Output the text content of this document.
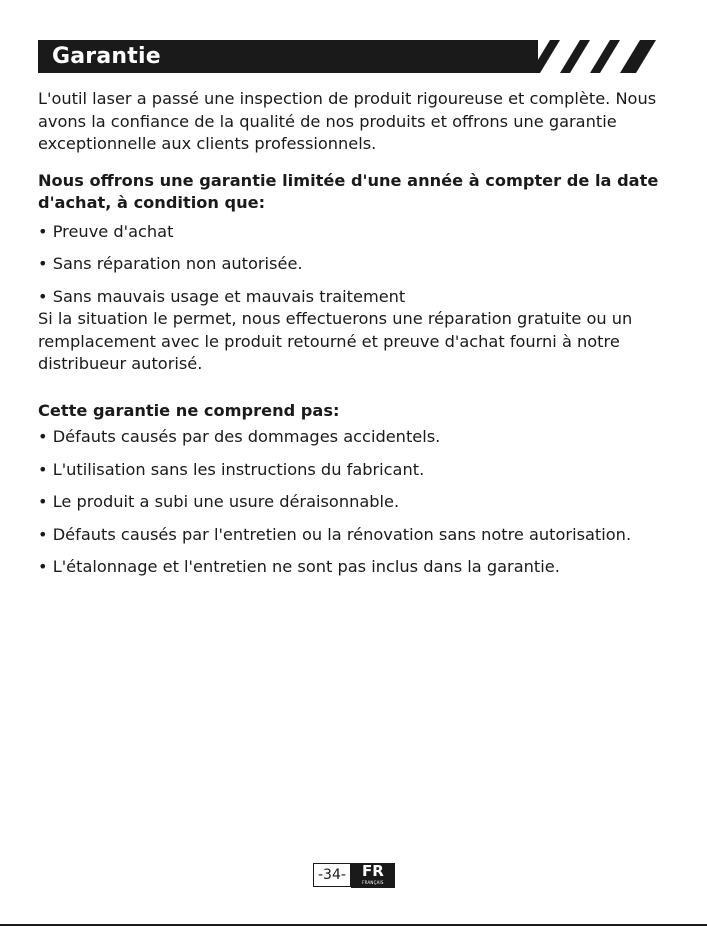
Garantie

L'outil laser a passé une inspection de produit rigoureuse et complète. Nous avons la confiance de la qualité de nos produits et offrons une garantie exceptionnelle aux clients professionnels.

Nous offrons une garantie limitée d'une année à compter de la date d'achat, à condition que:

• Preuve d'achat

• Sans réparation non autorisée.

• Sans mauvais usage et mauvais traitement

Si la situation le permet, nous effectuerons une réparation gratuite ou un remplacement avec le produit retourné et preuve d'achat fourni à notre distribueur autorisé.

Cette garantie ne comprend pas:

• Défauts causés par des dommages accidentels.

• L'utilisation sans les instructions du fabricant.

• Le produit a subi une usure déraisonnable.

• Défauts causés par l'entretien ou la rénovation sans notre autorisation.

• L'étalonnage et l'entretien ne sont pas inclus dans la garantie.

-34-	FR
FRANÇAIS
